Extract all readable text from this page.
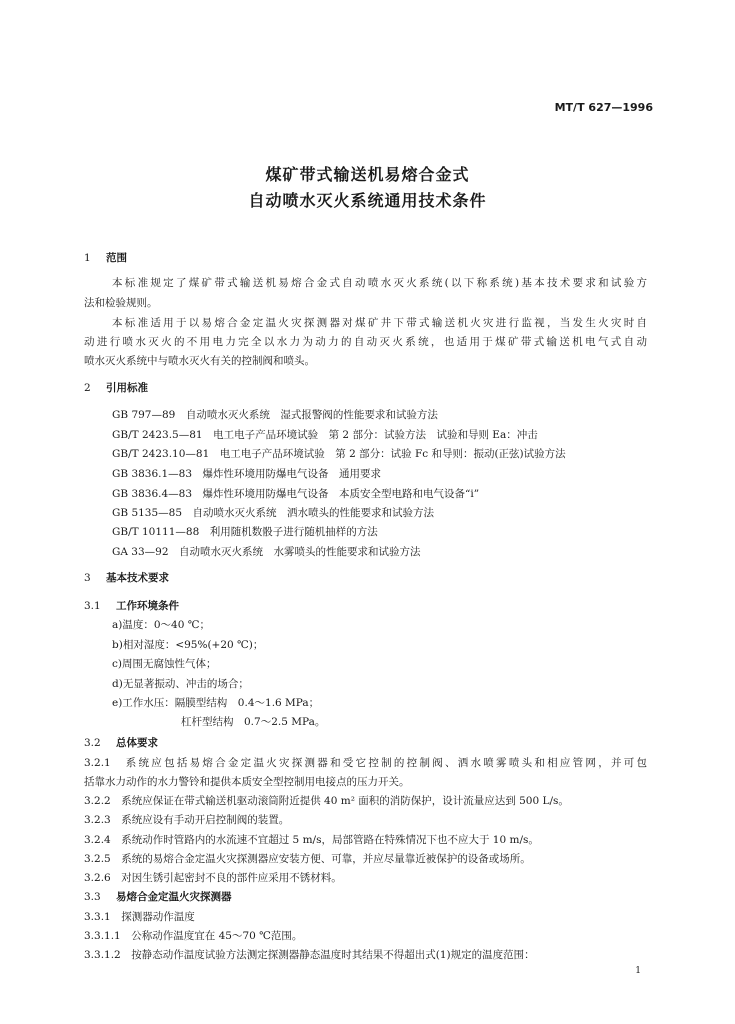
MT/T 627—1996
煤矿带式输送机易熔合金式
自动喷水灭火系统通用技术条件
1 范围
本标准规定了煤矿带式输送机易熔合金式自动喷水灭火系统(以下称系统)基本技术要求和试验方
法和检验规则。
本标准适用于以易熔合金定温火灾探测器对煤矿井下带式输送机火灾进行监视，当发生火灾时自
动进行喷水灭火的不用电力完全以水力为动力的自动灭火系统，也适用于煤矿带式输送机电气式自动
喷水灭火系统中与喷水灭火有关的控制阀和喷头。
2 引用标准
GB 797—89　 自动喷水灭火系统　湿式报警阀的性能要求和试验方法
GB/T 2423.5—81　 电工电子产品环境试验　第 2 部分：试验方法　试验和导则 Ea：冲击
GB/T 2423.10—81　 电工电子产品环境试验　第 2 部分：试验 Fc 和导则：振动(正弦)试验方法
GB 3836.1—83　 爆炸性环境用防爆电气设备　通用要求
GB 3836.4—83　 爆炸性环境用防爆电气设备　本质安全型电路和电气设备“i”
GB 5135—85　 自动喷水灭火系统　洒水喷头的性能要求和试验方法
GB/T 10111—88　 利用随机数骰子进行随机抽样的方法
GA 33—92　 自动喷水灭火系统　水雾喷头的性能要求和试验方法
3 基本技术要求
3.1 工作环境条件
a)温度：0～40 ℃；
b)相对湿度：<95%(+20 ℃)；
c)周围无腐蚀性气体；
d)无显著振动、冲击的场合；
e)工作水压：隔膜型结构　0.4～1.6 MPa；
杠杆型结构　0.7～2.5 MPa。
3.2 总体要求
3.2.1　 系统应包括易熔合金定温火灾探测器和受它控制的控制阀、洒水喷雾喷头和相应管网，并可包
括靠水力动作的水力警铃和提供本质安全型控制用电接点的压力开关。
3.2.2　 系统应保证在带式输送机驱动滚筒附近提供 40 m² 面积的消防保护，设计流量应达到 500 L/s。
3.2.3　 系统应设有手动开启控制阀的装置。
3.2.4　 系统动作时管路内的水流速不宜超过 5 m/s，局部管路在特殊情况下也不应大于 10 m/s。
3.2.5　 系统的易熔合金定温火灾探测器应安装方便、可靠，并应尽量靠近被保护的设备或场所。
3.2.6　 对因生锈引起密封不良的部件应采用不锈材料。
3.3 易熔合金定温火灾探测器
3.3.1　 探测器动作温度
3.3.1.1　 公称动作温度宜在 45～70 ℃范围。
3.3.1.2　 按静态动作温度试验方法测定探测器静态温度时其结果不得超出式(1)规定的温度范围：
1
